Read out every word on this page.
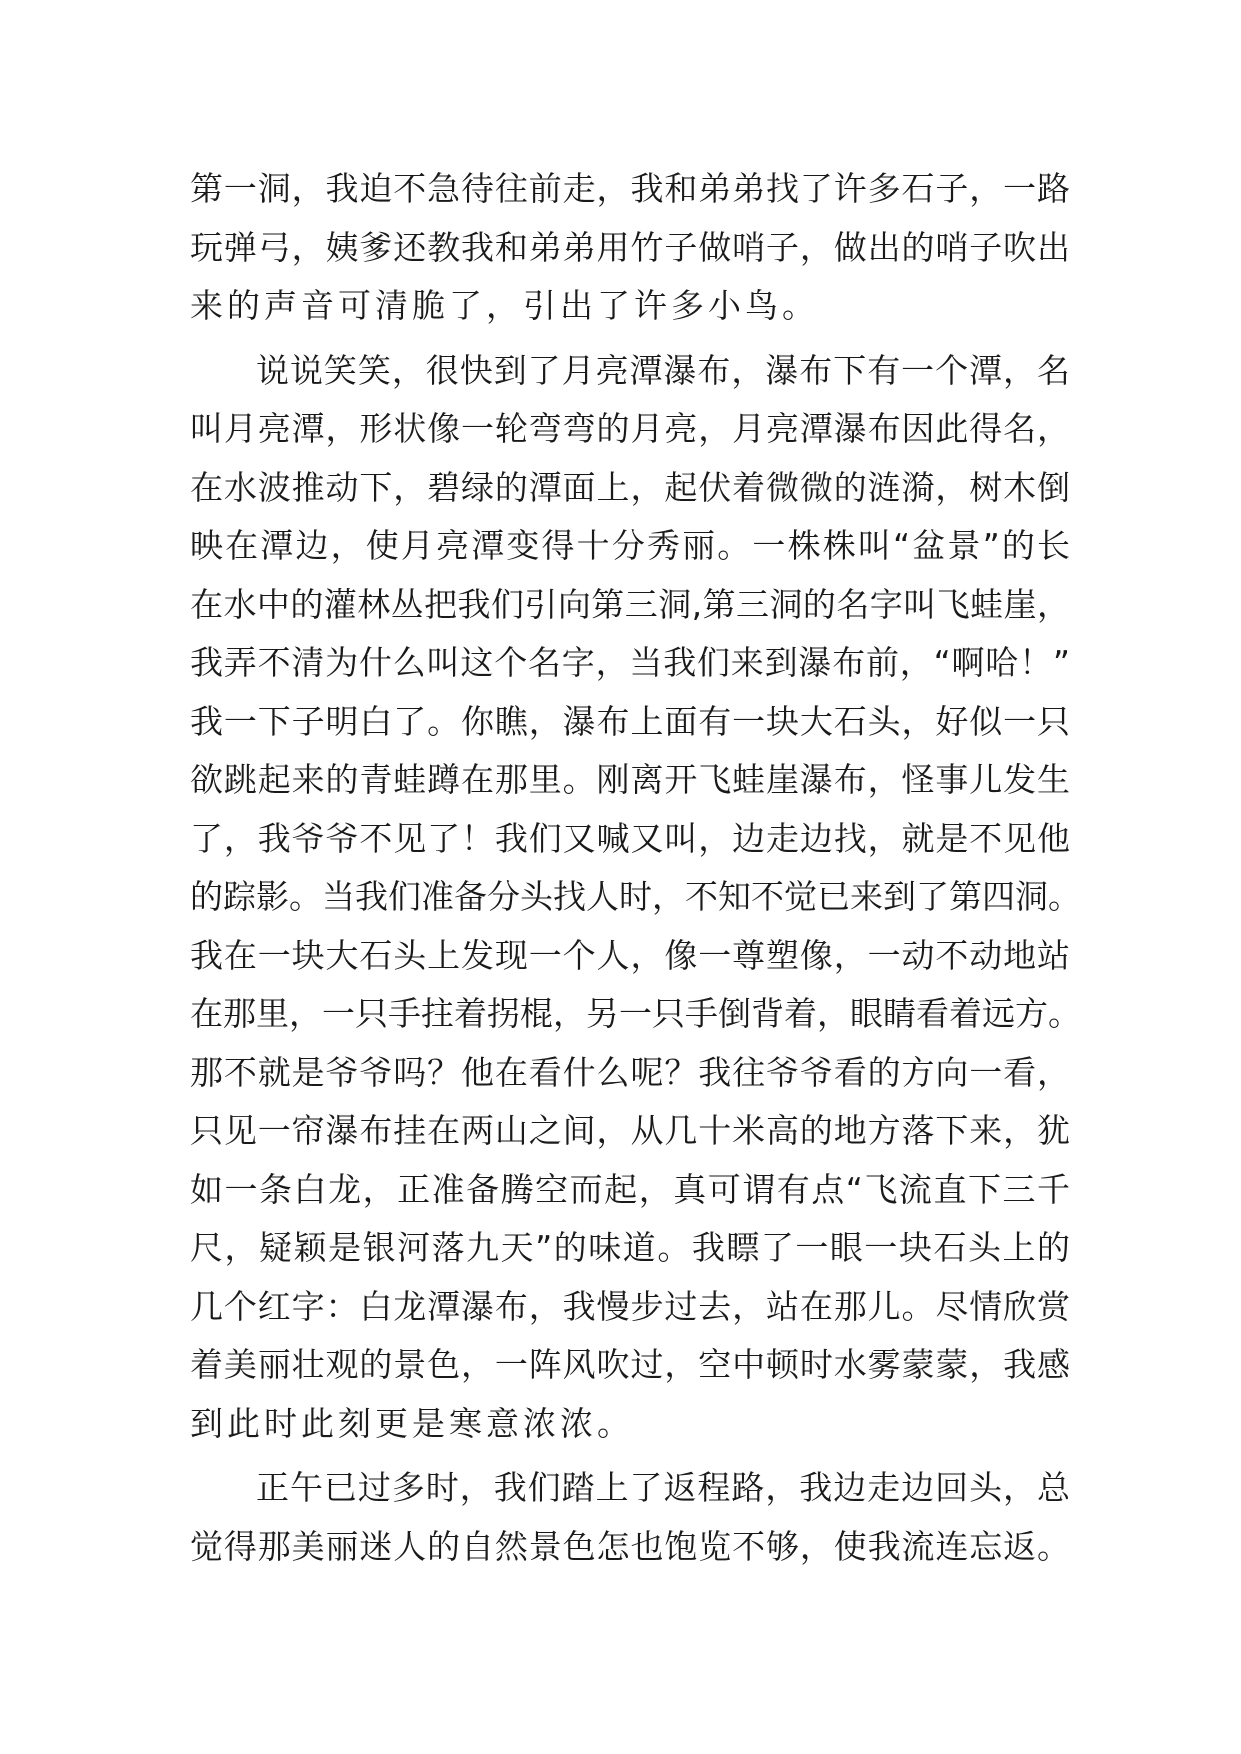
第一洞，我迫不急待往前走，我和弟弟找了许多石子，一路
玩弹弓，姨爹还教我和弟弟用竹子做哨子，做出的哨子吹出
来的声音可清脆了，引出了许多小鸟。
说说笑笑，很快到了月亮潭瀑布，瀑布下有一个潭，名
叫月亮潭，形状像一轮弯弯的月亮，月亮潭瀑布因此得名，
在水波推动下，碧绿的潭面上，起伏着微微的涟漪，树木倒
映在潭边，使月亮潭变得十分秀丽。一株株叫“盆景”的长
在水中的灌林丛把我们引向第三洞,第三洞的名字叫飞蛙崖，
我弄不清为什么叫这个名字，当我们来到瀑布前，“啊哈！”
我一下子明白了。你瞧，瀑布上面有一块大石头，好似一只
欲跳起来的青蛙蹲在那里。刚离开飞蛙崖瀑布，怪事儿发生
了，我爷爷不见了！我们又喊又叫，边走边找，就是不见他
的踪影。当我们准备分头找人时，不知不觉已来到了第四洞。
我在一块大石头上发现一个人，像一尊塑像，一动不动地站
在那里，一只手拄着拐棍，另一只手倒背着，眼睛看着远方。
那不就是爷爷吗？他在看什么呢？我往爷爷看的方向一看，
只见一帘瀑布挂在两山之间，从几十米高的地方落下来，犹
如一条白龙，正准备腾空而起，真可谓有点“飞流直下三千
尺，疑颖是银河落九天”的味道。我瞟了一眼一块石头上的
几个红字：白龙潭瀑布，我慢步过去，站在那儿。尽情欣赏
着美丽壮观的景色，一阵风吹过，空中顿时水雾蒙蒙，我感
到此时此刻更是寒意浓浓。
正午已过多时，我们踏上了返程路，我边走边回头，总
觉得那美丽迷人的自然景色怎也饱览不够，使我流连忘返。
